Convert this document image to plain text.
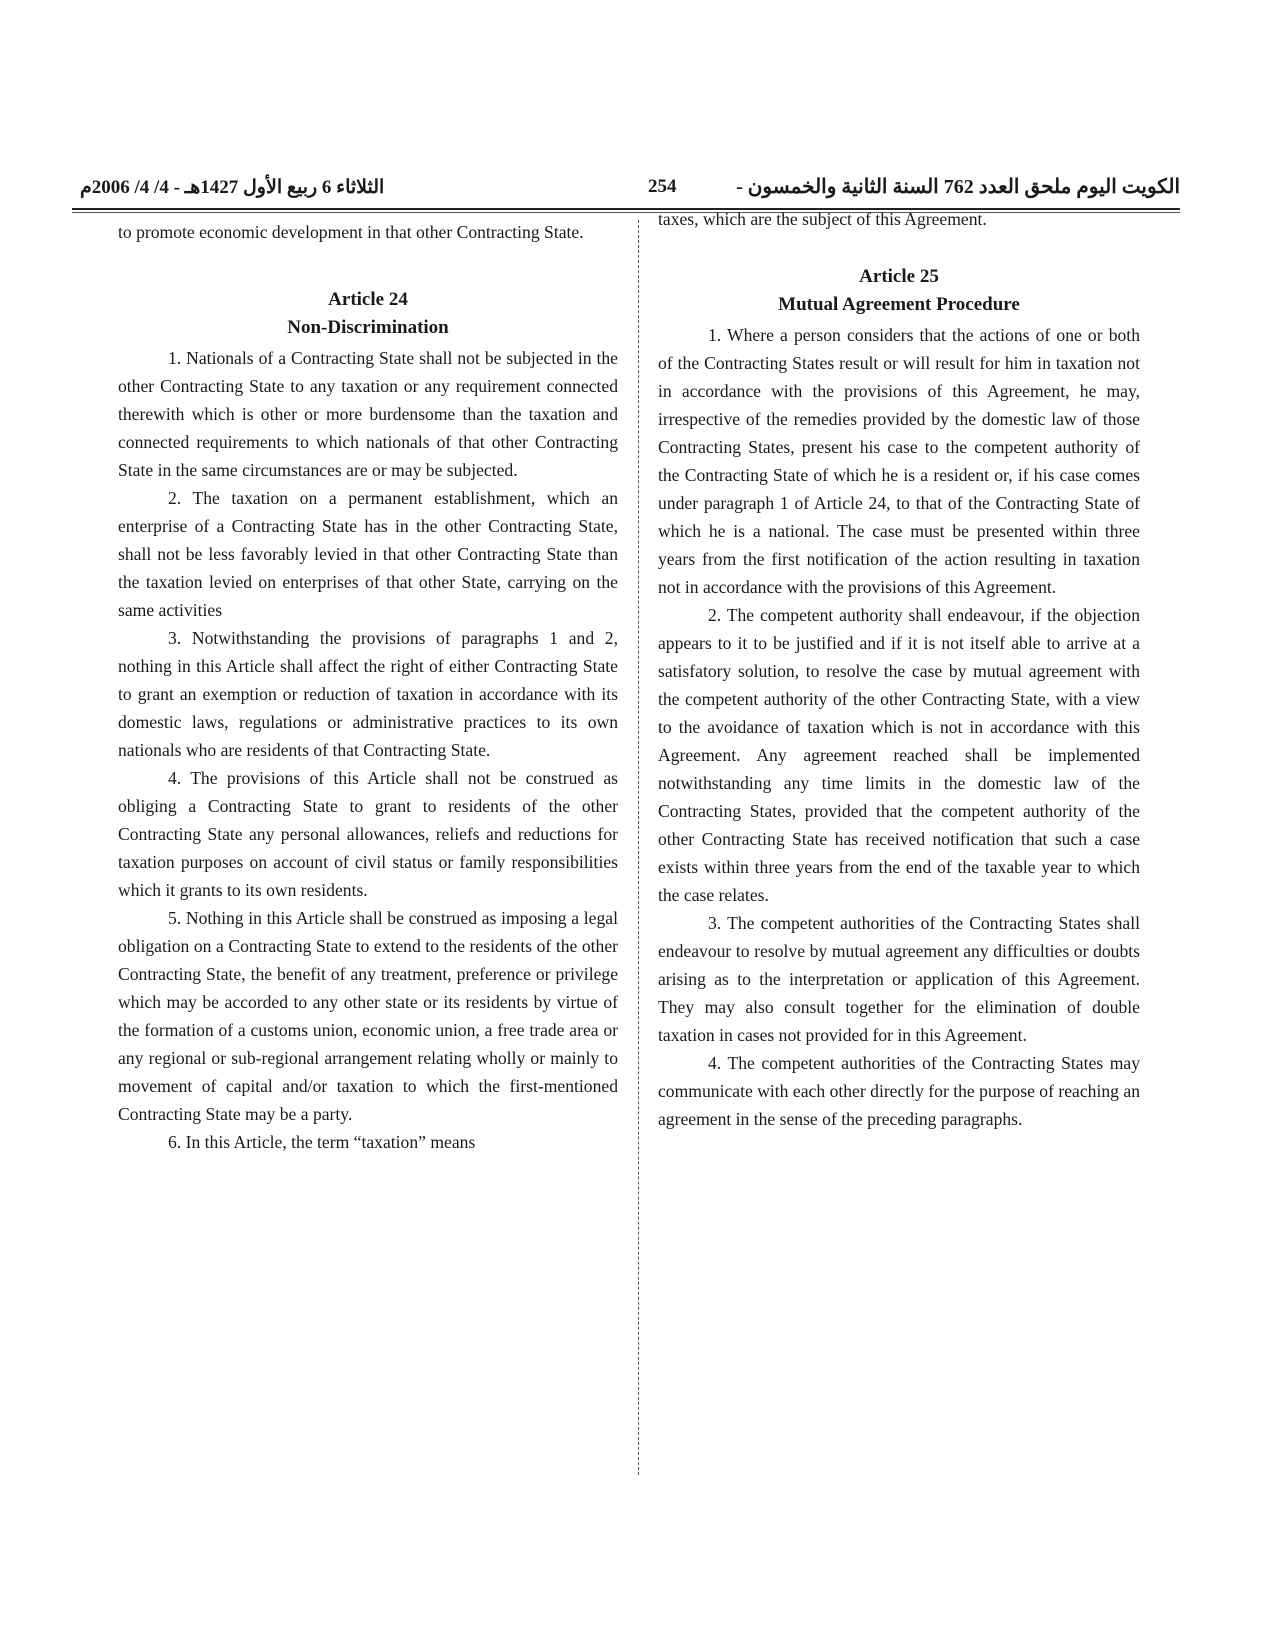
الثلاثاء 6 ربيع الأول 1427هـ - 4/ 4/ 2006م	254	الكويت اليوم ملحق العدد 762 السنة الثانية والخمسون -

to promote economic development in that other Contracting State.

Article 24

Non-Discrimination

1. Nationals of a Contracting State shall not be subjected in the other Contracting State to any taxation or any requirement connected therewith which is other or more burdensome than the taxation and connected requirements to which nationals of that other Contracting State in the same circumstances are or may be subjected.

2. The taxation on a permanent establishment, which an enterprise of a Contracting State has in the other Contracting State, shall not be less favorably levied in that other Contracting State than the taxation levied on enterprises of that other State, carrying on the same activities

3. Notwithstanding the provisions of paragraphs 1 and 2, nothing in this Article shall affect the right of either Contracting State to grant an exemption or reduction of taxation in accordance with its domestic laws, regulations or administrative practices to its own nationals who are residents of that Contracting State.

4. The provisions of this Article shall not be construed as obliging a Contracting State to grant to residents of the other Contracting State any personal allowances, reliefs and reductions for taxation purposes on account of civil status or family responsibilities which it grants to its own residents.

5. Nothing in this Article shall be construed as imposing a legal obligation on a Contracting State to extend to the residents of the other Contracting State, the benefit of any treatment, preference or privilege which may be accorded to any other state or its residents by virtue of the formation of a customs union, economic union, a free trade area or any regional or sub-regional arrangement relating wholly or mainly to movement of capital and/or taxation to which the first-mentioned Contracting State may be a party.

6. In this Article, the term “taxation” means

taxes, which are the subject of this Agreement.

Article 25

Mutual Agreement Procedure

1. Where a person considers that the actions of one or both of the Contracting States result or will result for him in taxation not in accordance with the provisions of this Agreement, he may, irrespective of the remedies provided by the domestic law of those Contracting States, present his case to the competent authority of the Contracting State of which he is a resident or, if his case comes under paragraph 1 of Article 24, to that of the Contracting State of which he is a national. The case must be presented within three years from the first notification of the action resulting in taxation not in accordance with the provisions of this Agreement.

2. The competent authority shall endeavour, if the objection appears to it to be justified and if it is not itself able to arrive at a satisfatory solution, to resolve the case by mutual agreement with the competent authority of the other Contracting State, with a view to the avoidance of taxation which is not in accordance with this Agreement. Any agreement reached shall be implemented notwithstanding any time limits in the domestic law of the Contracting States, provided that the competent authority of the other Contracting State has received notification that such a case exists within three years from the end of the taxable year to which the case relates.

3. The competent authorities of the Contracting States shall endeavour to resolve by mutual agreement any difficulties or doubts arising as to the interpretation or application of this Agreement. They may also consult together for the elimination of double taxation in cases not provided for in this Agreement.

4. The competent authorities of the Contracting States may communicate with each other directly for the purpose of reaching an agreement in the sense of the preceding paragraphs.
